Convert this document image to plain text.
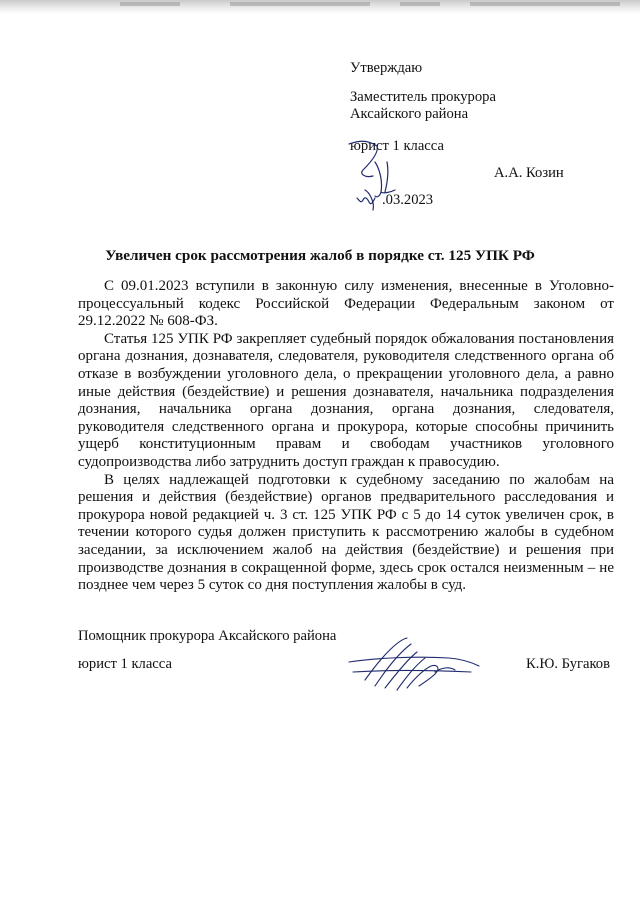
Утверждаю
Заместитель прокурора
Аксайского района
юрист 1 класса
А.А. Козин
.03.2023
Увеличен срок рассмотрения жалоб в порядке ст. 125 УПК РФ

С 09.01.2023 вступили в законную силу изменения, внесенные в Уголовно-процессуальный кодекс Российской Федерации Федеральным законом от 29.12.2022 № 608-ФЗ.

Статья 125 УПК РФ закрепляет судебный порядок обжалования постановления органа дознания, дознавателя, следователя, руководителя следственного органа об отказе в возбуждении уголовного дела, о прекращении уголовного дела, а равно иные действия (бездействие) и решения дознавателя, начальника подразделения дознания, начальника органа дознания, органа дознания, следователя, руководителя следственного органа и прокурора, которые способны причинить ущерб конституционным правам и свободам участников уголовного судопроизводства либо затруднить доступ граждан к правосудию.

В целях надлежащей подготовки к судебному заседанию по жалобам на решения и действия (бездействие) органов предварительного расследования и прокурора новой редакцией ч. 3 ст. 125 УПК РФ с 5 до 14 суток увеличен срок, в течении которого судья должен приступить к рассмотрению жалобы в судебном заседании, за исключением жалоб на действия (бездействие) и решения при производстве дознания в сокращенной форме, здесь срок остался неизменным – не позднее чем через 5 суток со дня поступления жалобы в суд.

Помощник прокурора Аксайского района
юрист 1 класса	К.Ю. Бугаков
